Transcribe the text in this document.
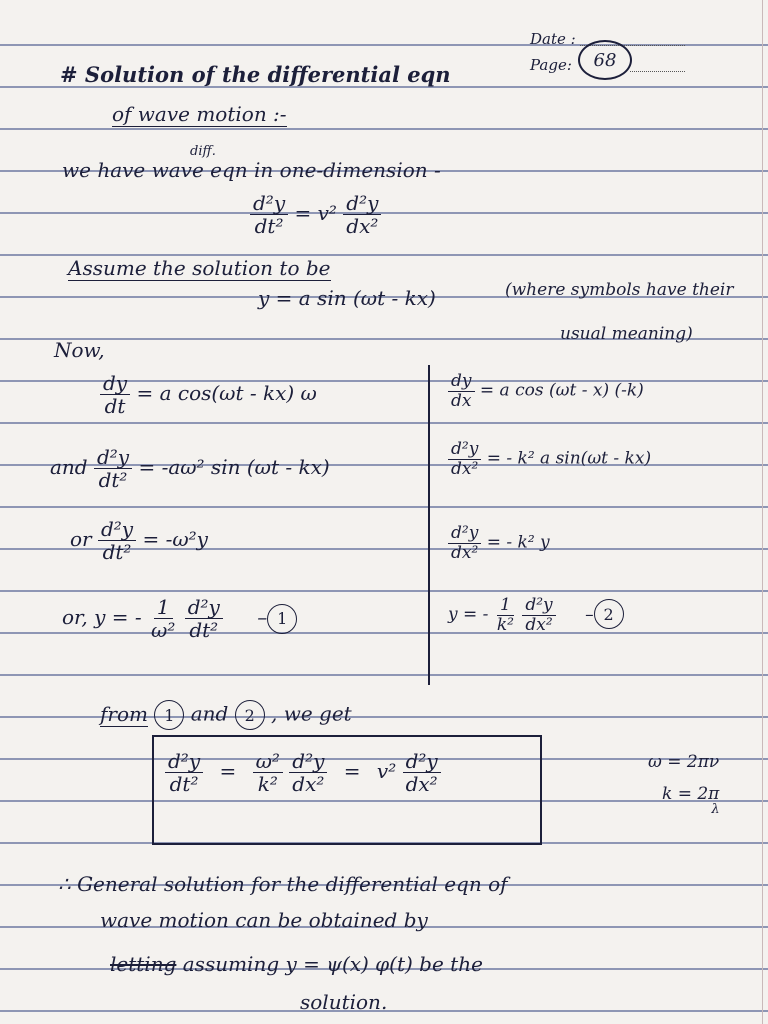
Date :
Page: 68
# Solution of the differential eqn
of wave motion :-
diff.
we have wave eqn in one-dimension -
$\frac{\text{d²y}}{\text{dt²}} = v^2 \frac{\text{d²y}}{\text{dx²}}$
Assume the solution to be
y = a sin (ωt - kx)	(where symbols have their
usual meaning)
Now,
$\frac{dy}{dt} = a$ cos(ωt - kx) ω
and $\frac{\text{d²y}}{\text{dt²}} = -a\omega^2$ sin (ωt - kx)
or $\frac{\text{d²y}}{\text{dt²}} = -\omega^2y$
or, y = - $\frac{1}{\text{ω²}}$
$\frac{\text{d²y}}{\text{dt²}} - 1$
$\frac{dy}{dx} = a$ cos (ωt - x) (-k)
$\frac{\text{d²y}}{\text{dx²}}$ = - k² a sin(ωt - kx)
$\frac{\text{d²y}}{\text{dx²}}$ = - k² y
y = - $\frac{1}{\text{k²}}$
$\frac{\text{d²y}}{\text{dx²}} - 2$
from 1 and 2 , we get
$\frac{\text{d²y}}{\text{dt²}} = \frac{\text{ω²}}{\text{k²}}$
$\frac{\text{d²y}}{\text{dx²}} = v^2 \frac{\text{d²y}}{\text{dx²}}$	ω = 2πν
$k = 2\pi_\lambda$
∴ General solution for the differential eqn of
wave motion can be obtained by
letting assuming y = ψ(x) φ(t) be the
solution.
